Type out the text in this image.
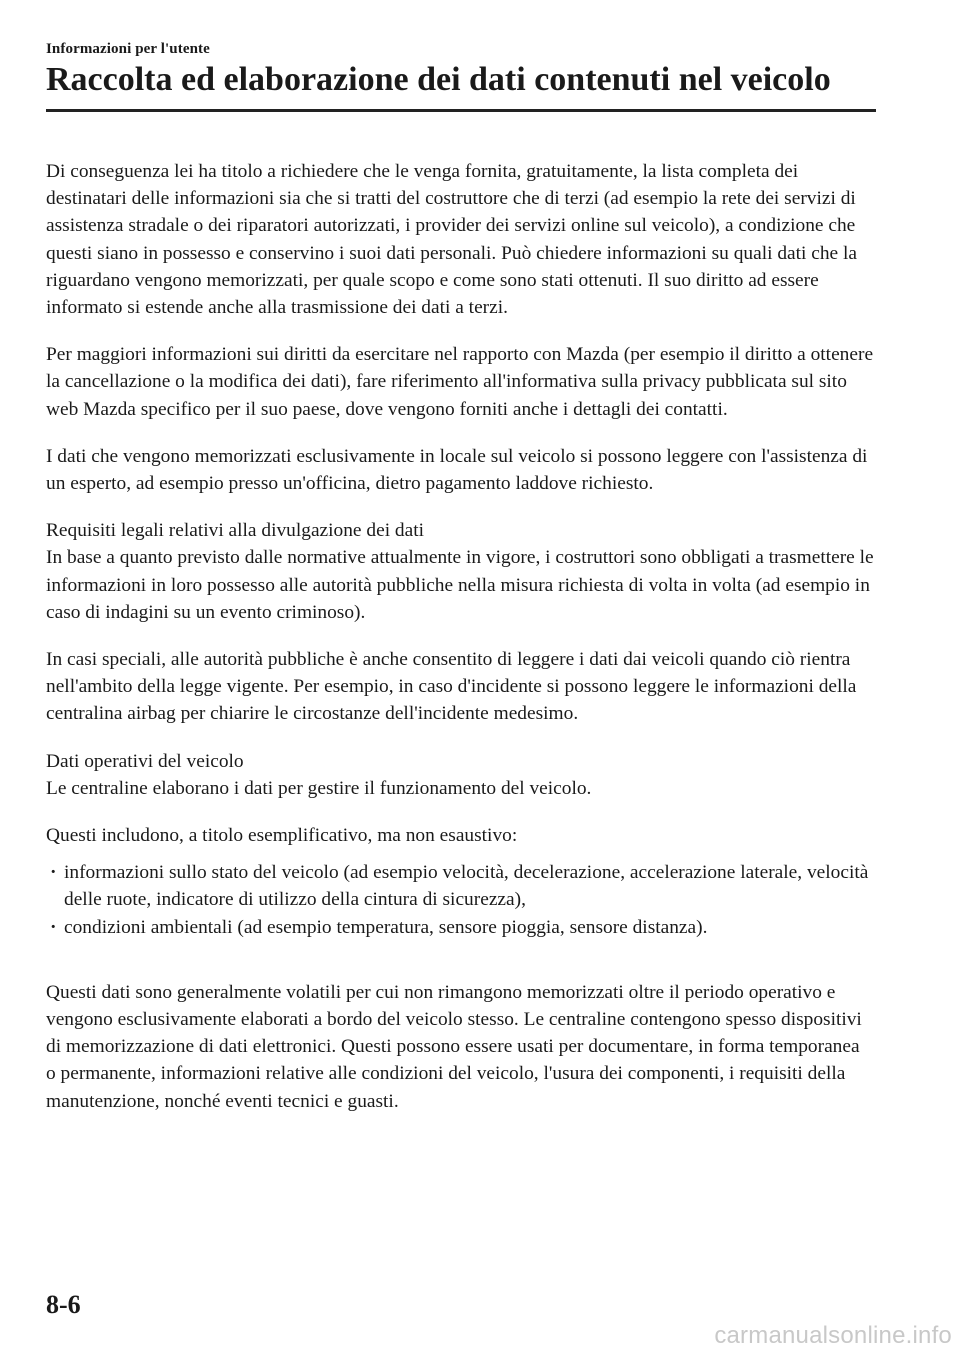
Informazioni per l'utente
Raccolta ed elaborazione dei dati contenuti nel veicolo

Di conseguenza lei ha titolo a richiedere che le venga fornita, gratuitamente, la lista completa dei destinatari delle informazioni sia che si tratti del costruttore che di terzi (ad esempio la rete dei servizi di assistenza stradale o dei riparatori autorizzati, i provider dei servizi online sul veicolo), a condizione che questi siano in possesso e conservino i suoi dati personali. Può chiedere informazioni su quali dati che la riguardano vengono memorizzati, per quale scopo e come sono stati ottenuti. Il suo diritto ad essere informato si estende anche alla trasmissione dei dati a terzi.

Per maggiori informazioni sui diritti da esercitare nel rapporto con Mazda (per esempio il diritto a ottenere la cancellazione o la modifica dei dati), fare riferimento all'informativa sulla privacy pubblicata sul sito web Mazda specifico per il suo paese, dove vengono forniti anche i dettagli dei contatti.

I dati che vengono memorizzati esclusivamente in locale sul veicolo si possono leggere con l'assistenza di un esperto, ad esempio presso un'officina, dietro pagamento laddove richiesto.

Requisiti legali relativi alla divulgazione dei dati
In base a quanto previsto dalle normative attualmente in vigore, i costruttori sono obbligati a trasmettere le informazioni in loro possesso alle autorità pubbliche nella misura richiesta di volta in volta (ad esempio in caso di indagini su un evento criminoso).

In casi speciali, alle autorità pubbliche è anche consentito di leggere i dati dai veicoli quando ciò rientra nell'ambito della legge vigente. Per esempio, in caso d'incidente si possono leggere le informazioni della centralina airbag per chiarire le circostanze dell'incidente medesimo.

Dati operativi del veicolo
Le centraline elaborano i dati per gestire il funzionamento del veicolo.

Questi includono, a titolo esemplificativo, ma non esaustivo:

· informazioni sullo stato del veicolo (ad esempio velocità, decelerazione, accelerazione laterale, velocità delle ruote, indicatore di utilizzo della cintura di sicurezza),
· condizioni ambientali (ad esempio temperatura, sensore pioggia, sensore distanza).

Questi dati sono generalmente volatili per cui non rimangono memorizzati oltre il periodo operativo e vengono esclusivamente elaborati a bordo del veicolo stesso. Le centraline contengono spesso dispositivi di memorizzazione di dati elettronici. Questi possono essere usati per documentare, in forma temporanea o permanente, informazioni relative alle condizioni del veicolo, l'usura dei componenti, i requisiti della manutenzione, nonché eventi tecnici e guasti.

8-6
carmanualsonline.info
